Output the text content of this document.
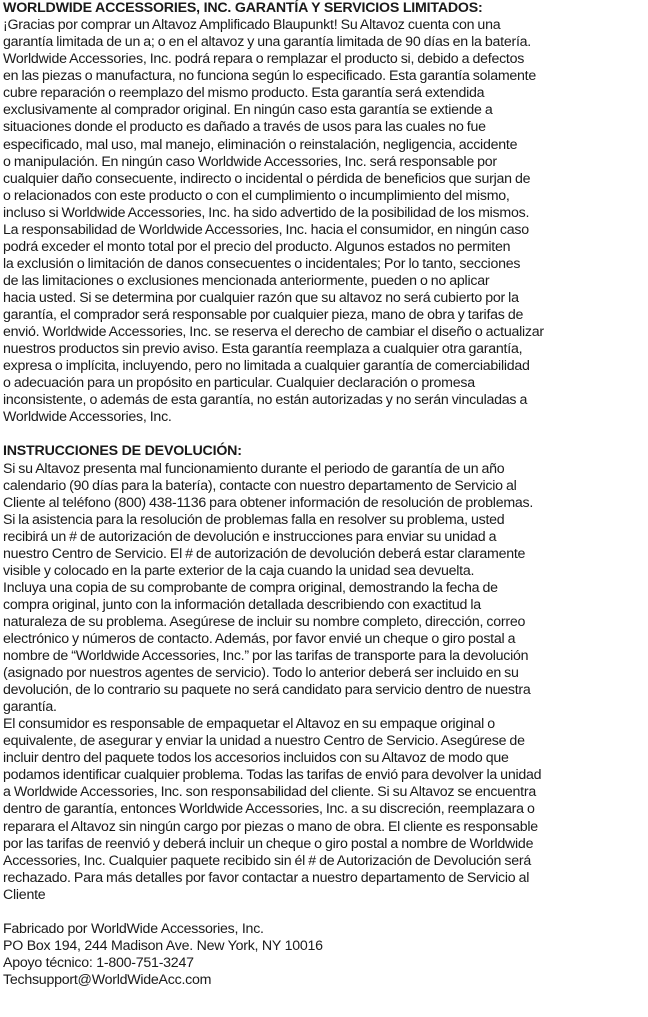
WORLDWIDE ACCESSORIES, INC. GARANTÍA Y SERVICIOS LIMITADOS:

¡Gracias por comprar un Altavoz Amplificado Blaupunkt! Su Altavoz cuenta con una
garantía limitada de un a; o en el altavoz y una garantía limitada de 90 días en la batería.
Worldwide Accessories, Inc. podrá repara o remplazar el producto si, debido a defectos
en las piezas o manufactura, no funciona según lo especificado. Esta garantía solamente
cubre reparación o reemplazo del mismo producto. Esta garantía será extendida
exclusivamente al comprador original. En ningún caso esta garantía se extiende a
situaciones donde el producto es dañado a través de usos para las cuales no fue
especificado, mal uso, mal manejo, eliminación o reinstalación, negligencia, accidente
o manipulación. En ningún caso Worldwide Accessories, Inc. será responsable por
cualquier daño consecuente, indirecto o incidental o pérdida de beneficios que surjan de
o relacionados con este producto o con el cumplimiento o incumplimiento del mismo,
incluso si Worldwide Accessories, Inc. ha sido advertido de la posibilidad de los mismos.
La responsabilidad de Worldwide Accessories, Inc. hacia el consumidor, en ningún caso
podrá exceder el monto total por el precio del producto. Algunos estados no permiten
la exclusión o limitación de danos consecuentes o incidentales; Por lo tanto, secciones
de las limitaciones o exclusiones mencionada anteriormente, pueden o no aplicar
hacia usted. Si se determina por cualquier razón que su altavoz no será cubierto por la
garantía, el comprador será responsable por cualquier pieza, mano de obra y tarifas de
envió. Worldwide Accessories, Inc. se reserva el derecho de cambiar el diseño o actualizar
nuestros productos sin previo aviso. Esta garantía reemplaza a cualquier otra garantía,
expresa o implícita, incluyendo, pero no limitada a cualquier garantía de comerciabilidad
o adecuación para un propósito en particular. Cualquier declaración o promesa
inconsistente, o además de esta garantía, no están autorizadas y no serán vinculadas a
Worldwide Accessories, Inc.

INSTRUCCIONES DE DEVOLUCIÓN:

Si su Altavoz presenta mal funcionamiento durante el periodo de garantía de un año
calendario (90 días para la batería), contacte con nuestro departamento de Servicio al
Cliente al teléfono (800) 438-1136 para obtener información de resolución de problemas.
Si la asistencia para la resolución de problemas falla en resolver su problema, usted
recibirá un # de autorización de devolución e instrucciones para enviar su unidad a
nuestro Centro de Servicio. El # de autorización de devolución deberá estar claramente
visible y colocado en la parte exterior de la caja cuando la unidad sea devuelta.
Incluya una copia de su comprobante de compra original, demostrando la fecha de
compra original, junto con la información detallada describiendo con exactitud la
naturaleza de su problema. Asegúrese de incluir su nombre completo, dirección, correo
electrónico y números de contacto. Además, por favor envié un cheque o giro postal a
nombre de “Worldwide Accessories, Inc.” por las tarifas de transporte para la devolución
(asignado por nuestros agentes de servicio). Todo lo anterior deberá ser incluido en su
devolución, de lo contrario su paquete no será candidato para servicio dentro de nuestra
garantía.
El consumidor es responsable de empaquetar el Altavoz en su empaque original o
equivalente, de asegurar y enviar la unidad a nuestro Centro de Servicio. Asegúrese de
incluir dentro del paquete todos los accesorios incluidos con su Altavoz de modo que
podamos identificar cualquier problema. Todas las tarifas de envió para devolver la unidad
a Worldwide Accessories, Inc. son responsabilidad del cliente. Si su Altavoz se encuentra
dentro de garantía, entonces Worldwide Accessories, Inc. a su discreción, reemplazara o
reparara el Altavoz sin ningún cargo por piezas o mano de obra. El cliente es responsable
por las tarifas de reenvió y deberá incluir un cheque o giro postal a nombre de Worldwide
Accessories, Inc. Cualquier paquete recibido sin él # de Autorización de Devolución será
rechazado. Para más detalles por favor contactar a nuestro departamento de Servicio al
Cliente

Fabricado por WorldWide Accessories, Inc.
PO Box 194, 244 Madison Ave. New York, NY 10016
Apoyo técnico: 1-800-751-3247
Techsupport@WorldWideAcc.com
